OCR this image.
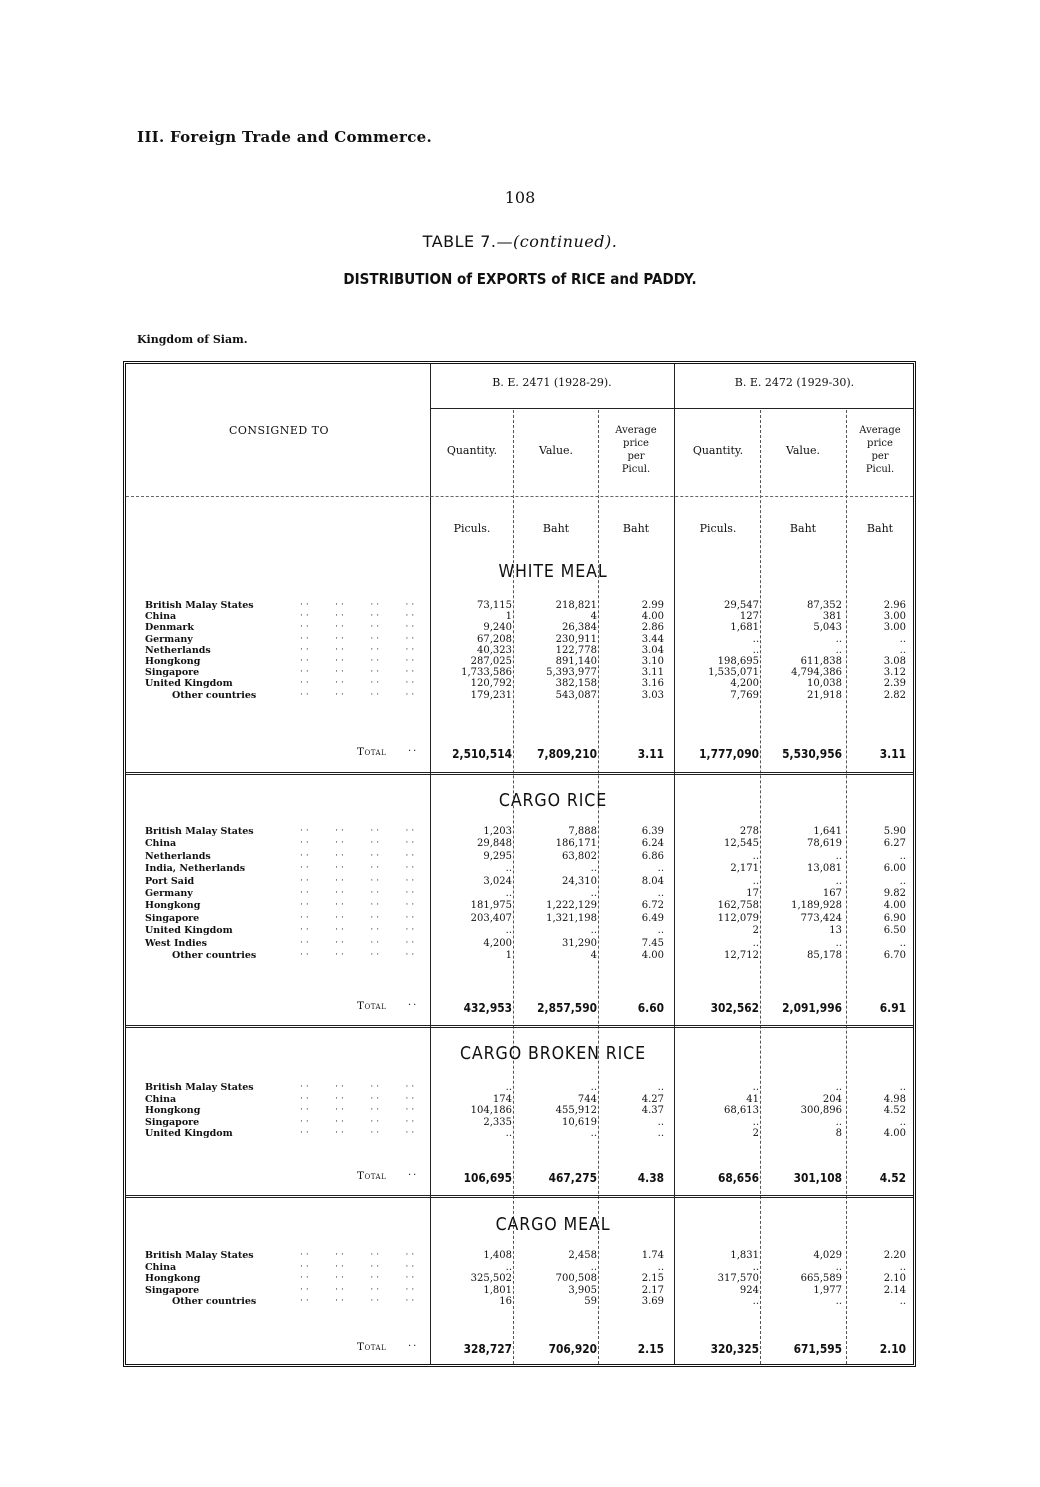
III. Foreign Trade and Commerce.
108
TABLE 7.—(continued).
DISTRIBUTION of EXPORTS of RICE and PADDY.
Kingdom of Siam.
B. E. 2471 (1928-29).	B. E. 2472 (1929-30).
CONSIGNED TO
Quantity.	Value.
Average
price
per
Picul.
Quantity.	Value.
Average
price
per
Picul.
Piculs.	Baht	Baht	Piculs.	Baht	Baht
WHITE MEAL
British Malay States	··    ··    ··    ··	73,115	218,821	2.99	29,547	87,352	2.96
China	··    ··    ··    ··	1	4	4.00	127	381	3.00
Denmark	··    ··    ··    ··	9,240	26,384	2.86	1,681	5,043	3.00
Germany	··    ··    ··    ··	67,208	230,911	3.44	..	..	..
Netherlands	··    ··    ··    ··	40,323	122,778	3.04	..	..	..
Hongkong	··    ··    ··    ··	287,025	891,140	3.10	198,695	611,838	3.08
Singapore	··    ··    ··    ··	1,733,586	5,393,977	3.11	1,535,071	4,794,386	3.12
United Kingdom	··    ··    ··    ··	120,792	382,158	3.16	4,200	10,038	2.39
Other countries	··    ··    ··    ··	179,231	543,087	3.03	7,769	21,918	2.82
Total ··	2,510,514	7,809,210	3.11	1,777,090	5,530,956	3.11
CARGO RICE
British Malay States	··    ··    ··    ··	1,203	7,888	6.39	278	1,641	5.90
China	··    ··    ··    ··	29,848	186,171	6.24	12,545	78,619	6.27
Netherlands	··    ··    ··    ··	9,295	63,802	6.86	..	..	..
India, Netherlands	··    ··    ··    ··	..	..	..	2,171	13,081	6.00
Port Said	··    ··    ··    ··	3,024	24,310	8.04	..	..	..
Germany	··    ··    ··    ··	..	..	..	17	167	9.82
Hongkong	··    ··    ··    ··	181,975	1,222,129	6.72	162,758	1,189,928	4.00
Singapore	··    ··    ··    ··	203,407	1,321,198	6.49	112,079	773,424	6.90
United Kingdom	··    ··    ··    ··	..	..	..	2	13	6.50
West Indies	··    ··    ··    ··	4,200	31,290	7.45	..	..	..
Other countries	··    ··    ··    ··	1	4	4.00	12,712	85,178	6.70
Total ··	432,953	2,857,590	6.60	302,562	2,091,996	6.91
CARGO BROKEN RICE
British Malay States	··    ··    ··    ··	..	..	..	..	..	..
China	··    ··    ··    ··	174	744	4.27	41	204	4.98
Hongkong	··    ··    ··    ··	104,186	455,912	4.37	68,613	300,896	4.52
Singapore	··    ··    ··    ··	2,335	10,619	..	..	..	..
United Kingdom	··    ··    ··    ··	..	..	..	2	8	4.00
Total ··	106,695	467,275	4.38	68,656	301,108	4.52
CARGO MEAL
British Malay States	··    ··    ··    ··	1,408	2,458	1.74	1,831	4,029	2.20
China	··    ··    ··    ··	..	..	..	..	..	..
Hongkong	··    ··    ··    ··	325,502	700,508	2.15	317,570	665,589	2.10
Singapore	··    ··    ··    ··	1,801	3,905	2.17	924	1,977	2.14
Other countries	··    ··    ··    ··	16	59	3.69	..	..	..
Total ··	328,727	706,920	2.15	320,325	671,595	2.10
